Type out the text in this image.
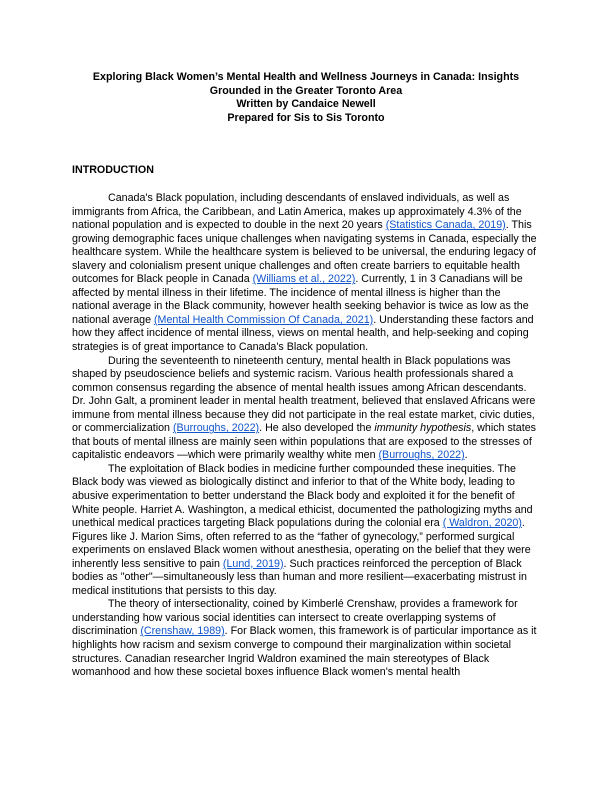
Exploring Black Women’s Mental Health and Wellness Journeys in Canada: Insights
Grounded in the Greater Toronto Area
Written by Candaice Newell
Prepared for Sis to Sis Toronto
INTRODUCTION

Canada's Black population, including descendants of enslaved individuals, as well as immigrants from Africa, the Caribbean, and Latin America, makes up approximately 4.3% of the national population and is expected to double in the next 20 years (Statistics Canada, 2019). This growing demographic faces unique challenges when navigating systems in Canada, especially the healthcare system. While the healthcare system is believed to be universal, the enduring legacy of slavery and colonialism present unique challenges and often create barriers to equitable health outcomes for Black people in Canada (Williams et al., 2022). Currently, 1 in 3 Canadians will be affected by mental illness in their lifetime. The incidence of mental illness is higher than the national average in the Black community, however health seeking behavior is twice as low as the national average (Mental Health Commission Of Canada, 2021). Understanding these factors and how they affect incidence of mental illness, views on mental health, and help-seeking and coping strategies is of great importance to Canada's Black population.

During the seventeenth to nineteenth century, mental health in Black populations was shaped by pseudoscience beliefs and systemic racism. Various health professionals shared a common consensus regarding the absence of mental health issues among African descendants. Dr. John Galt, a prominent leader in mental health treatment, believed that enslaved Africans were immune from mental illness because they did not participate in the real estate market, civic duties, or commercialization (Burroughs, 2022). He also developed the immunity hypothesis, which states that bouts of mental illness are mainly seen within populations that are exposed to the stresses of capitalistic endeavors —which were primarily wealthy white men (Burroughs, 2022).

The exploitation of Black bodies in medicine further compounded these inequities. The Black body was viewed as biologically distinct and inferior to that of the White body, leading to abusive experimentation to better understand the Black body and exploited it for the benefit of White people. Harriet A. Washington, a medical ethicist, documented the pathologizing myths and unethical medical practices targeting Black populations during the colonial era ( Waldron, 2020). Figures like J. Marion Sims, often referred to as the “father of gynecology,” performed surgical experiments on enslaved Black women without anesthesia, operating on the belief that they were inherently less sensitive to pain (Lund, 2019). Such practices reinforced the perception of Black bodies as "other"—simultaneously less than human and more resilient—exacerbating mistrust in medical institutions that persists to this day.

The theory of intersectionality, coined by Kimberlé Crenshaw, provides a framework for understanding how various social identities can intersect to create overlapping systems of discrimination (Crenshaw, 1989). For Black women, this framework is of particular importance as it highlights how racism and sexism converge to compound their marginalization within societal structures. Canadian researcher Ingrid Waldron examined the main stereotypes of Black womanhood and how these societal boxes influence Black women's mental health
